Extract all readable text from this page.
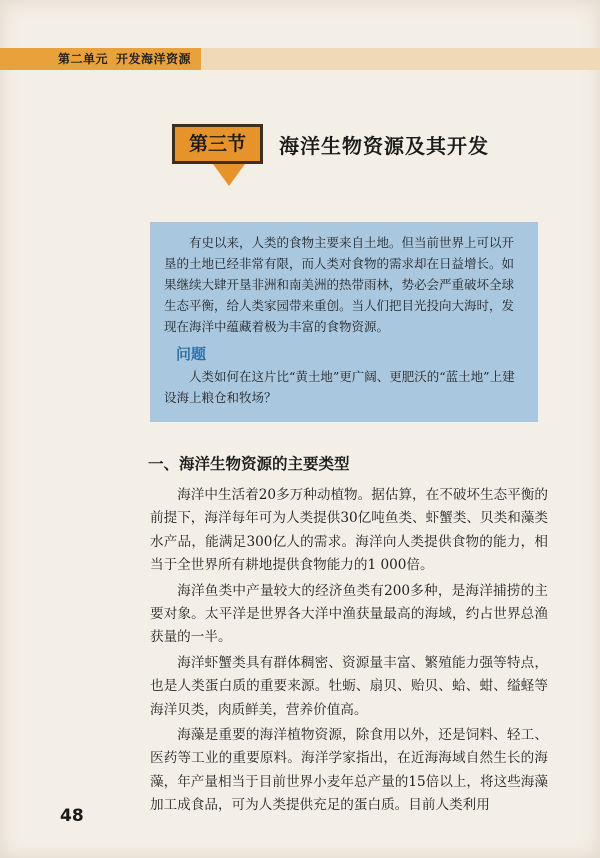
第二单元 开发海洋资源
第三节	海洋生物资源及其开发

有史以来，人类的食物主要来自土地。但当前世界上可以开垦的土地已经非常有限，而人类对食物的需求却在日益增长。如果继续大肆开垦非洲和南美洲的热带雨林，势必会严重破坏全球生态平衡，给人类家园带来重创。当人们把目光投向大海时，发现在海洋中蕴藏着极为丰富的食物资源。

问题

人类如何在这片比“黄土地”更广阔、更肥沃的“蓝土地”上建设海上粮仓和牧场？

一、海洋生物资源的主要类型

海洋中生活着20多万种动植物。据估算，在不破坏生态平衡的前提下，海洋每年可为人类提供30亿吨鱼类、虾蟹类、贝类和藻类水产品，能满足300亿人的需求。海洋向人类提供食物的能力，相当于全世界所有耕地提供食物能力的1 000倍。

海洋鱼类中产量较大的经济鱼类有200多种，是海洋捕捞的主要对象。太平洋是世界各大洋中渔获量最高的海域，约占世界总渔获量的一半。

海洋虾蟹类具有群体稠密、资源量丰富、繁殖能力强等特点，也是人类蛋白质的重要来源。牡蛎、扇贝、贻贝、蛤、蚶、缢蛏等海洋贝类，肉质鲜美，营养价值高。

海藻是重要的海洋植物资源，除食用以外，还是饲料、轻工、医药等工业的重要原料。海洋学家指出，在近海海域自然生长的海藻，年产量相当于目前世界小麦年总产量的15倍以上，将这些海藻加工成食品，可为人类提供充足的蛋白质。目前人类利用

48
